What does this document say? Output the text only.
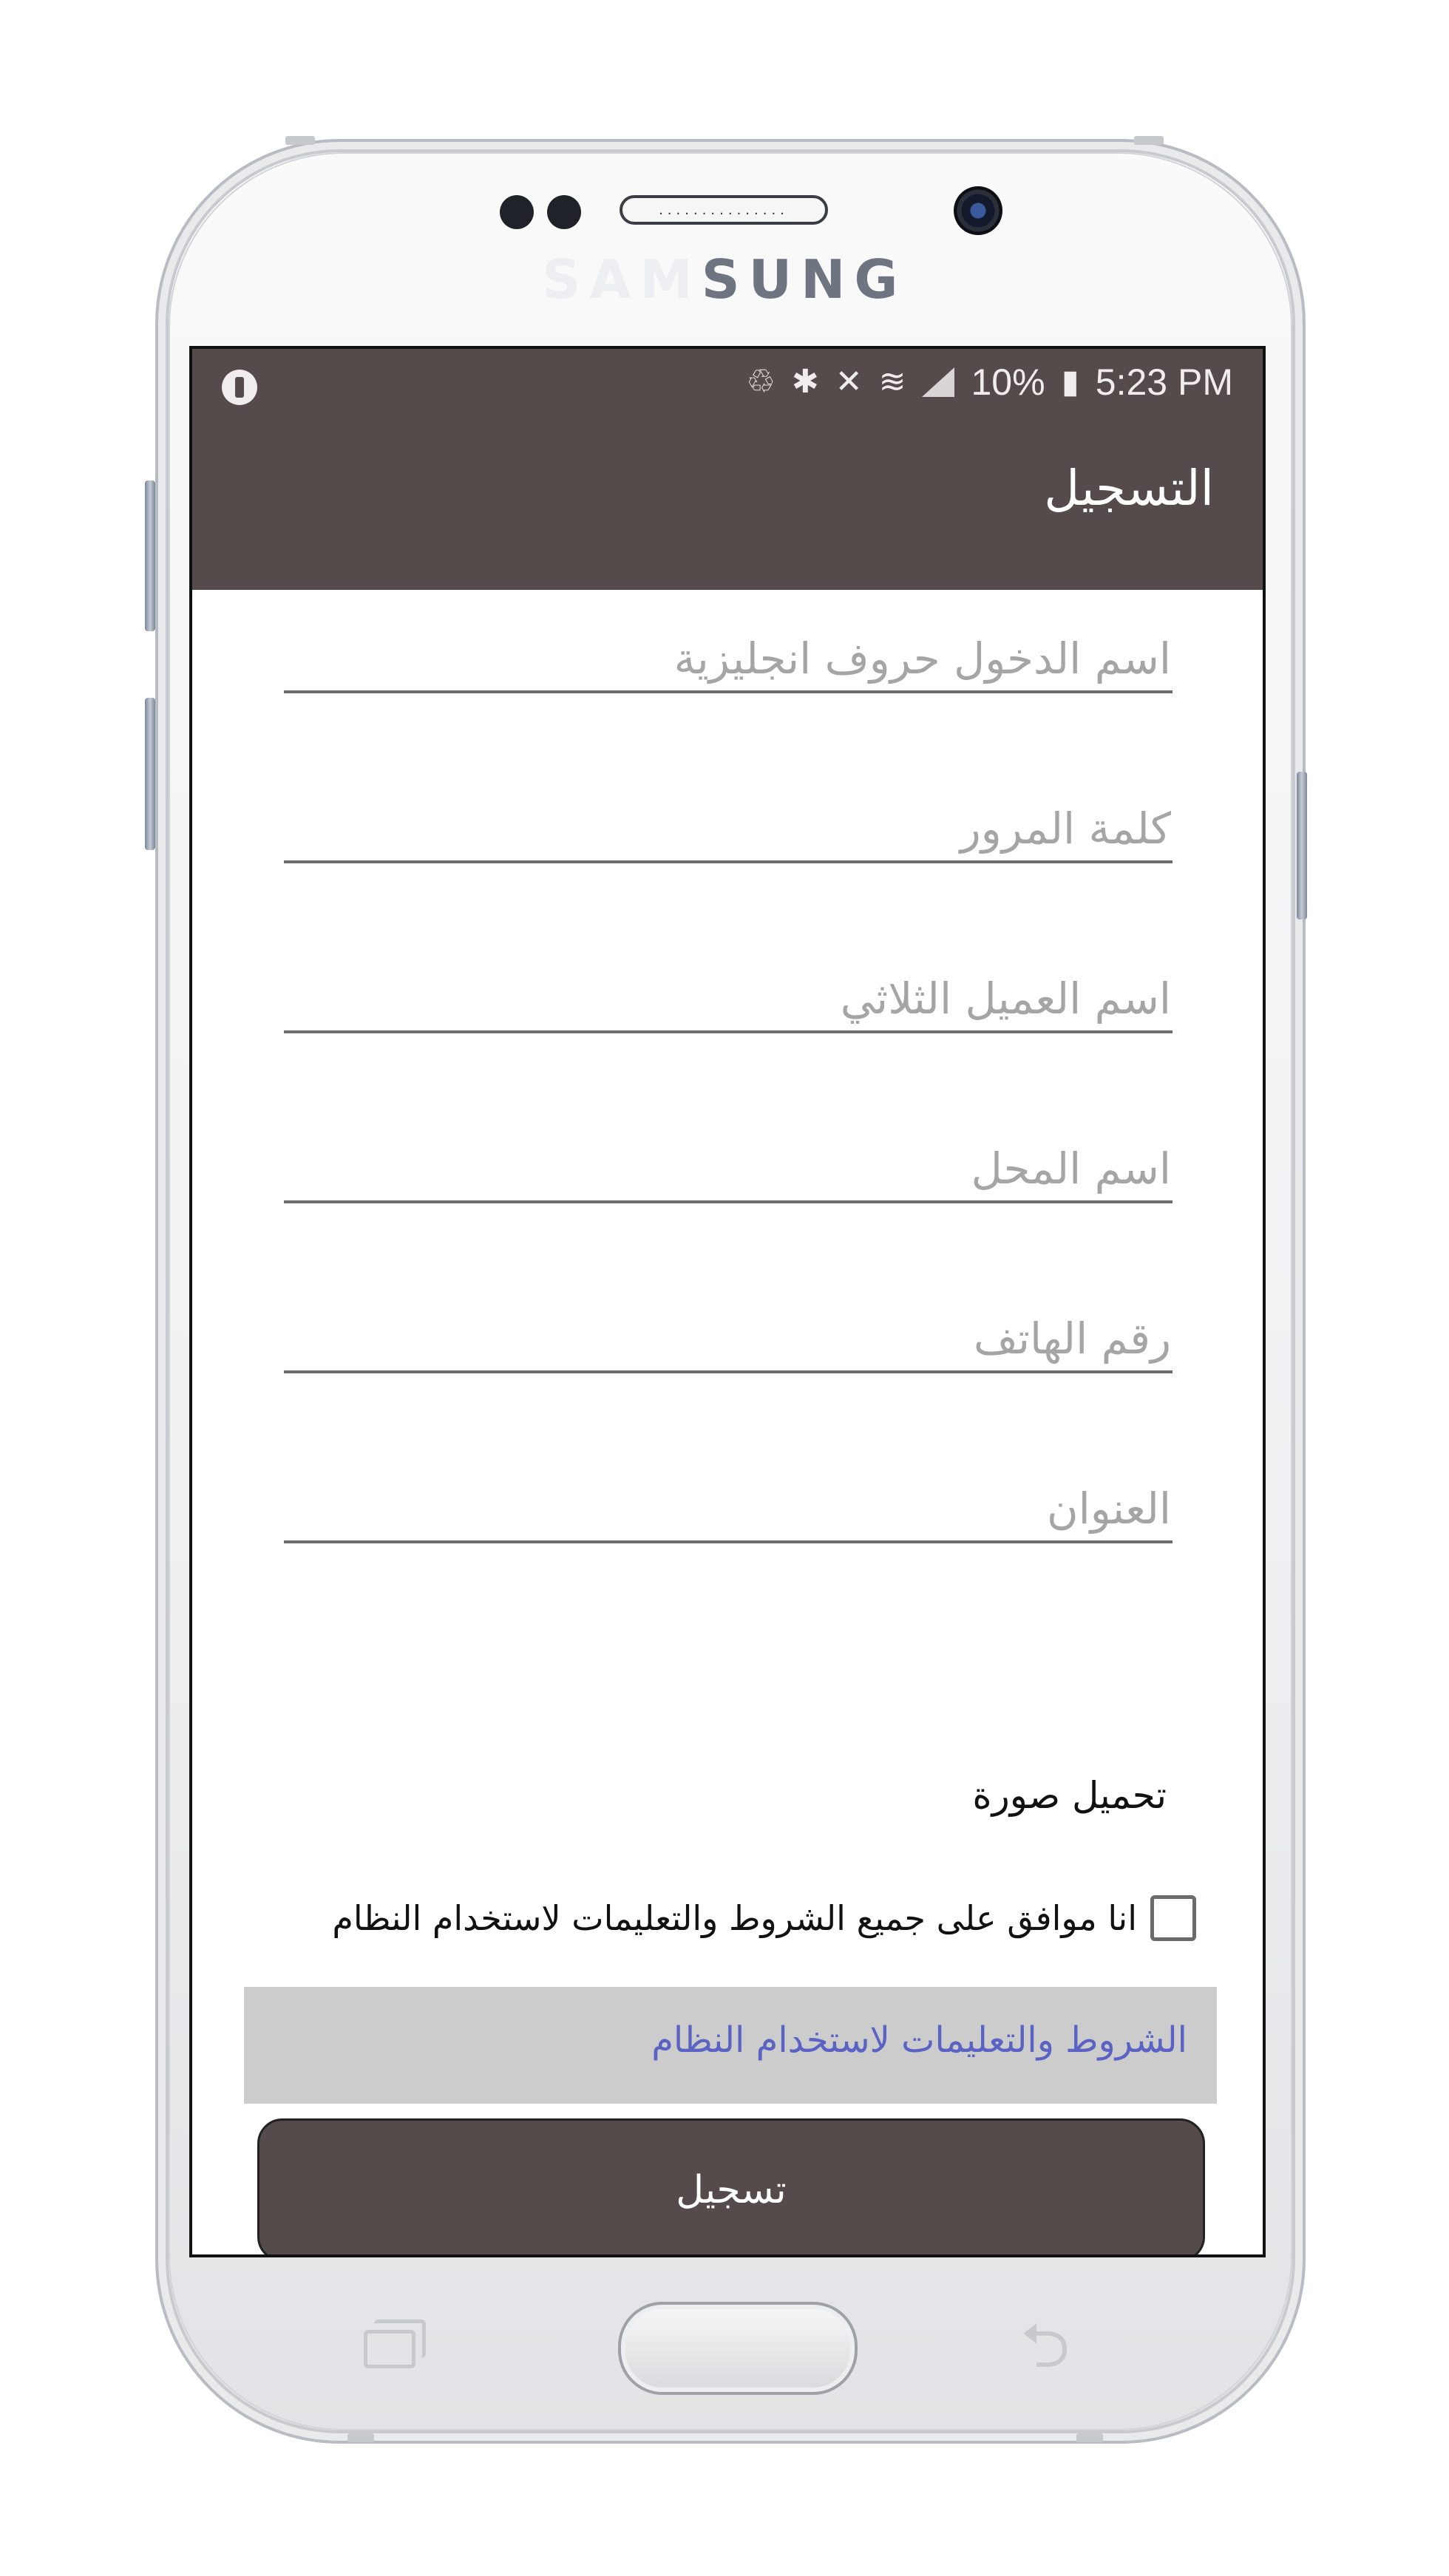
...............
SAMSUNG
♲ ✱ ✕ ≋ 10% ▮ 5:23 PM
التسجيل
اسم الدخول حروف انجليزية
اسم العميل الثلاثي
اسم المحل
رقم الهاتف
العنوان
تحميل صورة
انا موافق على جميع الشروط والتعليمات لاستخدام النظام
الشروط والتعليمات لاستخدام النظام
تسجيل
⮌
